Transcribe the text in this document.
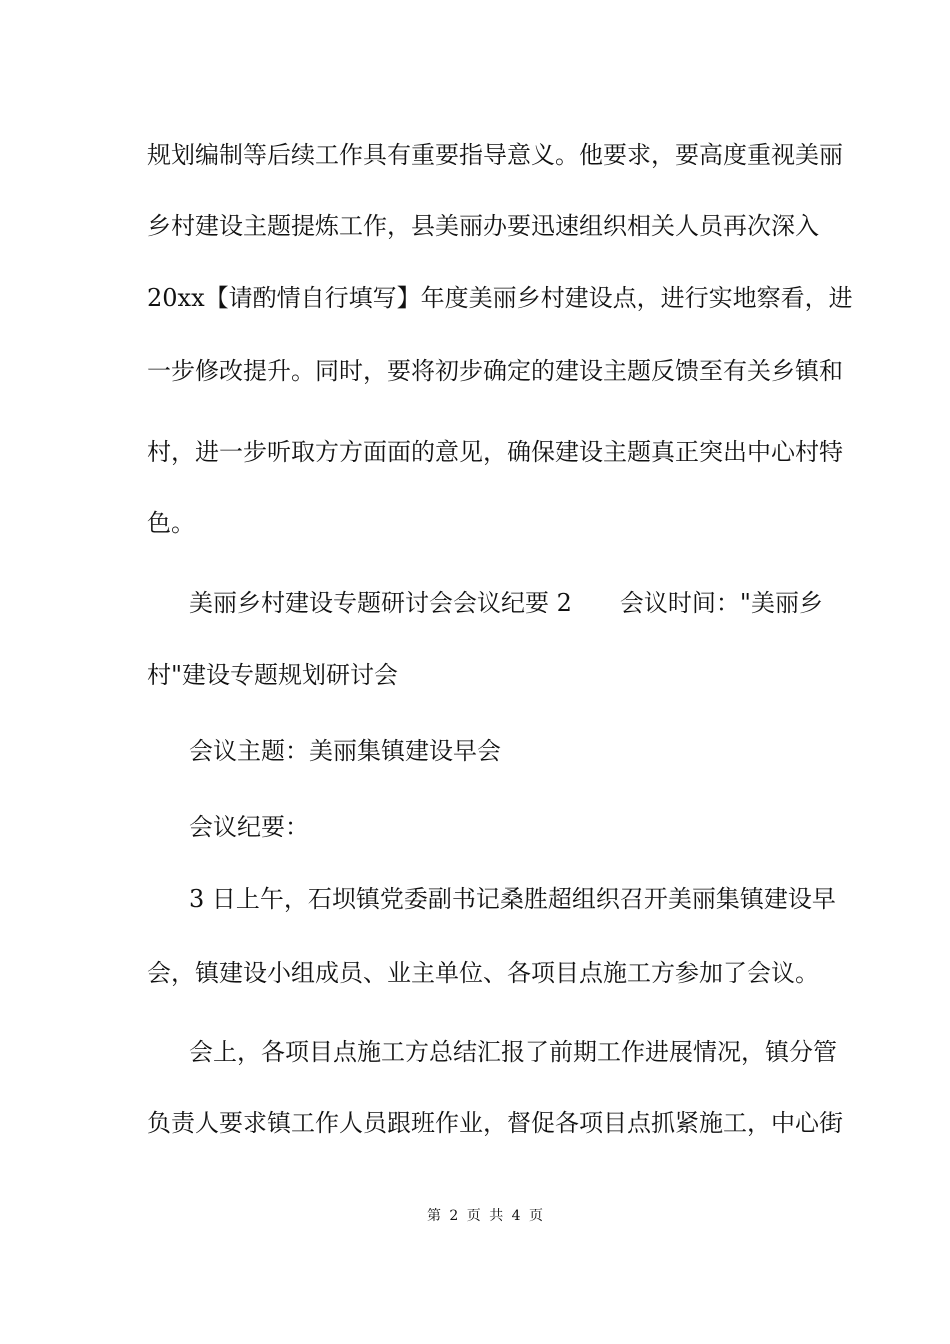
规划编制等后续工作具有重要指导意义。他要求，要高度重视美丽
乡村建设主题提炼工作，县美丽办要迅速组织相关人员再次深入
20xx【请酌情自行填写】年度美丽乡村建设点，进行实地察看，进
一步修改提升。同时，要将初步确定的建设主题反馈至有关乡镇和
村，进一步听取方方面面的意见，确保建设主题真正突出中心村特
色。
美丽乡村建设专题研讨会会议纪要 2 会议时间："美丽乡
村"建设专题规划研讨会
会议主题：美丽集镇建设早会
会议纪要：
3 日上午，石坝镇党委副书记桑胜超组织召开美丽集镇建设早
会，镇建设小组成员、业主单位、各项目点施工方参加了会议。
会上，各项目点施工方总结汇报了前期工作进展情况，镇分管
负责人要求镇工作人员跟班作业，督促各项目点抓紧施工，中心街
第 2 页 共 4 页
